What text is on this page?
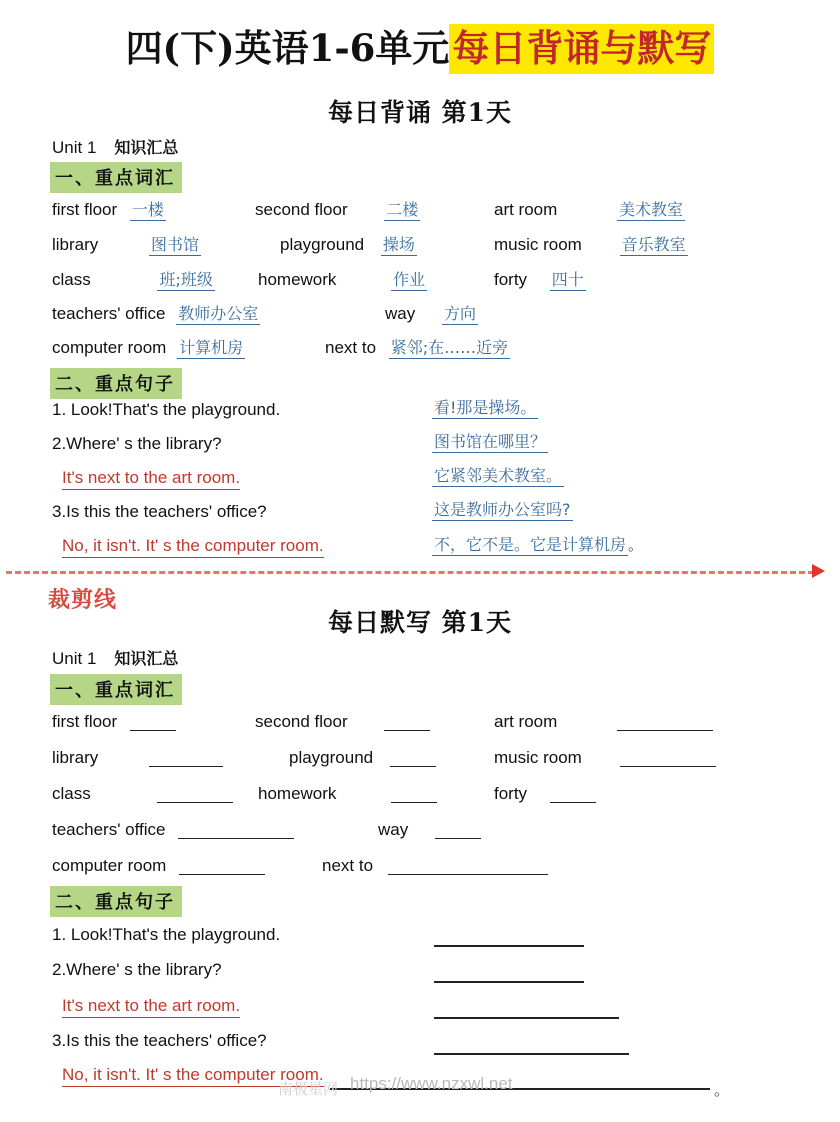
四(下)英语1-6单元每日背诵与默写
每日背诵 第1天
Unit 1 知识汇总
一、重点词汇
first floor 一楼	second floor 二楼	art room	美术教室
library	图书馆	playground 操场	music room 音乐教室
class	班;班级	homework	作业	forty 四十
teachers' office 教师办公室	way 方向
computer room 计算机房	next to 紧邻;在……近旁
二、重点句子
1. Look!That's the playground.	看!那是操场。
2.Where' s the library?	图书馆在哪里？
It's next to the art room.	它紧邻美术教室。
3.Is this the teachers' office?	这是教师办公室吗?
No, it isn't. It' s the computer room.	不，它不是。它是计算机房 。
裁剪线
每日默写 第1天
Unit 1 知识汇总
一、重点词汇
first floor	second floor	art room
library	playground	music room
class	homework	forty
teachers' office	way
computer room	next to
二、重点句子
1. Look!That's the playground.
2.Where' s the library?
It's next to the art room.
3.Is this the teachers' office?
No, it isn't. It' s the computer room.
。
南极星网 https://www.nzxwl.net
